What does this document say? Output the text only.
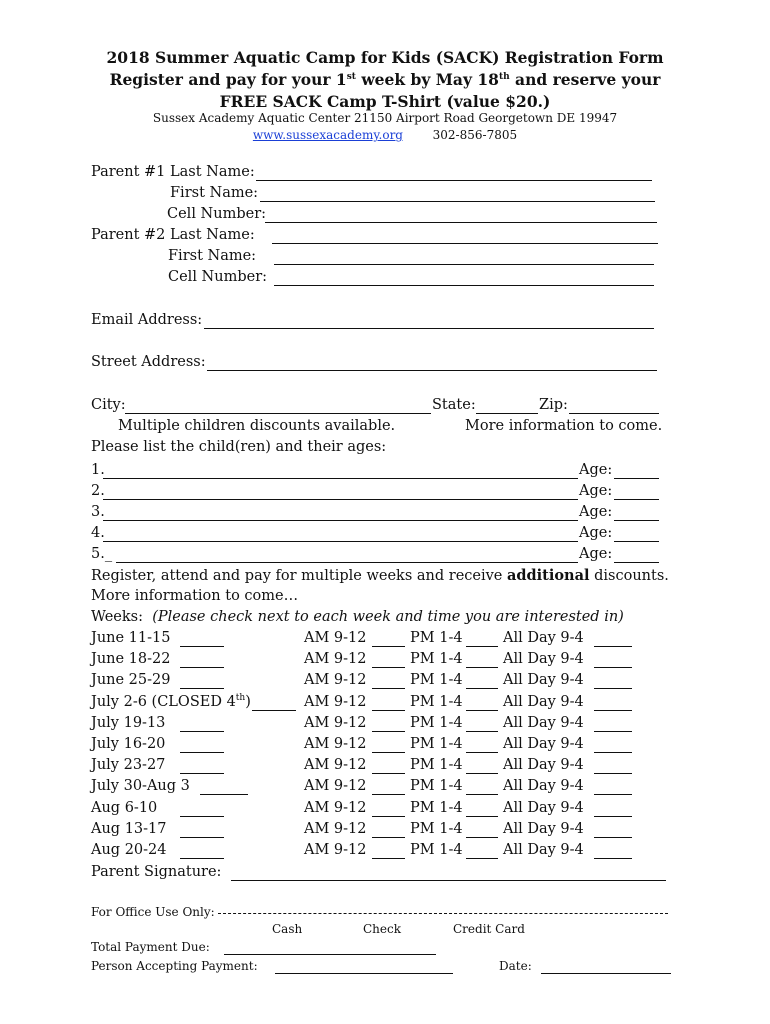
2018 Summer Aquatic Camp for Kids (SACK) Registration Form
Register and pay for your 1st week by May 18th and reserve your
FREE SACK Camp T-Shirt (value $20.)
Sussex Academy Aquatic Center 21150 Airport Road Georgetown DE 19947
www.sussexacademy.org 302-856-7805
Parent #1 Last Name:
First Name:
Cell Number:
Parent #2 Last Name:
First Name:
Cell Number:
Email Address:
Street Address:
City:	State:	Zip:
Multiple children discounts available.	More information to come.
Please list the child(ren) and their ages:
1.	Age:
2.	Age:
3.	Age:
4.	Age:
5._	Age:
Register, attend and pay for multiple weeks and receive additional discounts.
More information to come…
Weeks: (Please check next to each week and time you are interested in)
June 11-15	AM 9-12	PM 1-4	All Day 9-4
June 18-22	AM 9-12	PM 1-4	All Day 9-4
June 25-29	AM 9-12	PM 1-4	All Day 9-4
July 2-6 (CLOSED 4th)	AM 9-12	PM 1-4	All Day 9-4
July 19-13	AM 9-12	PM 1-4	All Day 9-4
July 16-20	AM 9-12	PM 1-4	All Day 9-4
July 23-27	AM 9-12	PM 1-4	All Day 9-4
July 30-Aug 3	AM 9-12	PM 1-4	All Day 9-4
Aug 6-10	AM 9-12	PM 1-4	All Day 9-4
Aug 13-17	AM 9-12	PM 1-4	All Day 9-4
Aug 20-24	AM 9-12	PM 1-4	All Day 9-4
Parent Signature:
For Office Use Only:
Cash	Check	Credit Card
Total Payment Due:
Person Accepting Payment:	Date:
